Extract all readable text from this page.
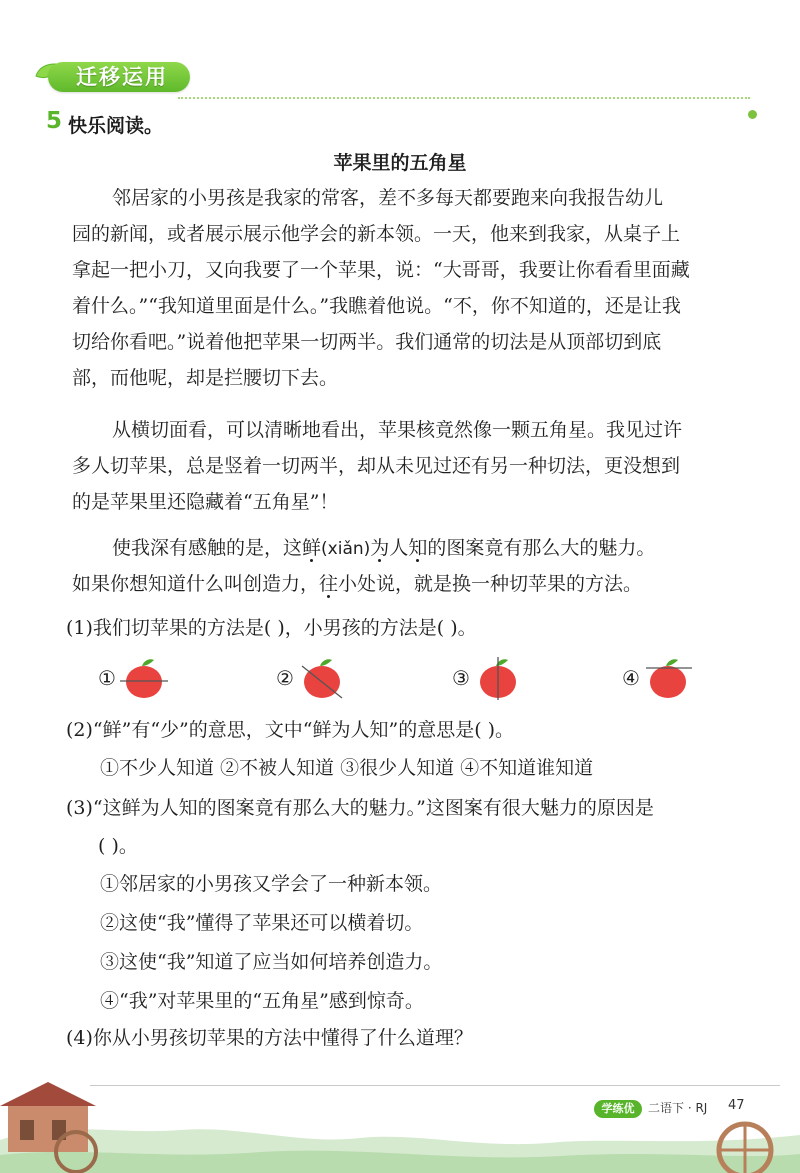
迁移运用
5 快乐阅读。
苹果里的五角星
邻居家的小男孩是我家的常客，差不多每天都要跑来向我报告幼儿
园的新闻，或者展示展示他学会的新本领。一天，他来到我家，从桌子上
拿起一把小刀，又向我要了一个苹果，说：“大哥哥，我要让你看看里面藏
着什么。”“我知道里面是什么。”我瞧着他说。“不，你不知道的，还是让我
切给你看吧。”说着他把苹果一切两半。我们通常的切法是从顶部切到底
部，而他呢，却是拦腰切下去。
从横切面看，可以清晰地看出，苹果核竟然像一颗五角星。我见过许
多人切苹果，总是竖着一切两半，却从未见过还有另一种切法，更没想到
的是苹果里还隐藏着“五角星”！
使我深有感触的是，这鲜(xiǎn)为人知的图案竟有那么大的魅力。
如果你想知道什么叫创造力，往小处说，就是换一种切苹果的方法。
(1)我们切苹果的方法是( )，小男孩的方法是( )。
①	②	③	④
(2)“鲜”有“少”的意思，文中“鲜为人知”的意思是( )。
①不少人知道 ②不被人知道 ③很少人知道 ④不知道谁知道
(3)“这鲜为人知的图案竟有那么大的魅力。”这图案有很大魅力的原因是
( )。
①邻居家的小男孩又学会了一种新本领。
②这使“我”懂得了苹果还可以横着切。
③这使“我”知道了应当如何培养创造力。
④“我”对苹果里的“五角星”感到惊奇。
(4)你从小男孩切苹果的方法中懂得了什么道理？
学练优	二语下 · RJ 47
